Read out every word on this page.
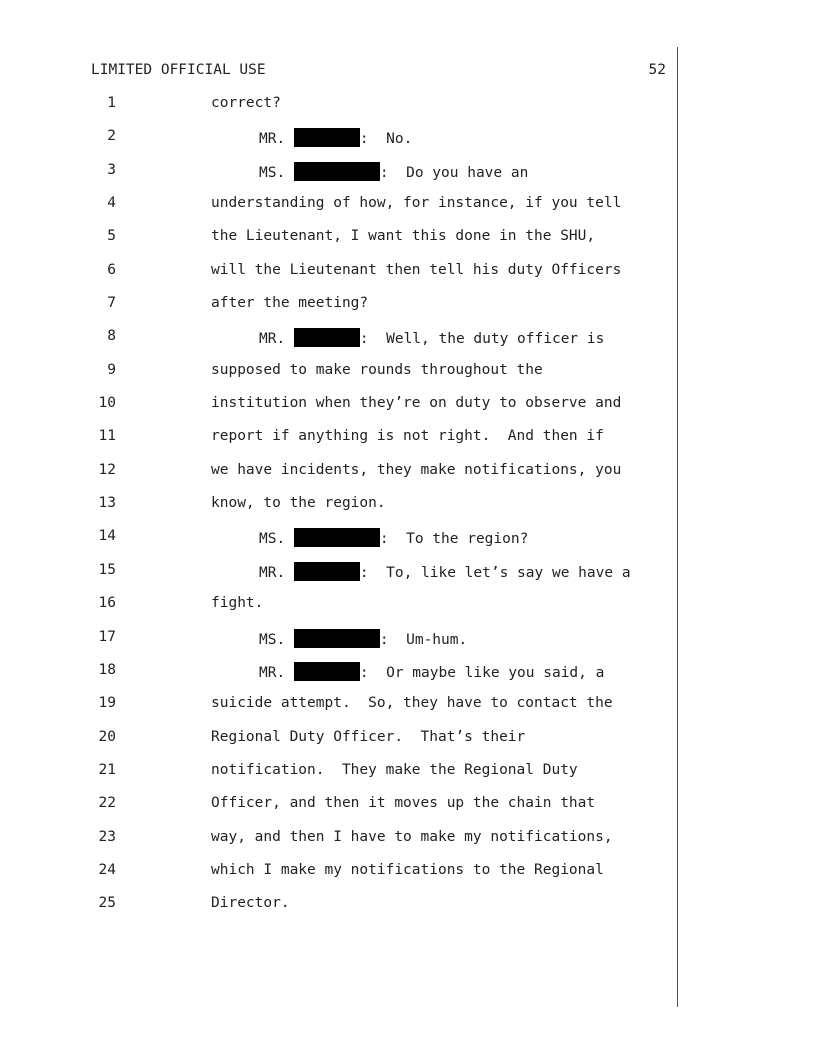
LIMITED OFFICIAL USE	52
1	correct?
2	MR.	:  No.
3	MS.	:  Do you have an
4	understanding of how, for instance, if you tell
5	the Lieutenant, I want this done in the SHU,
6	will the Lieutenant then tell his duty Officers
7	after the meeting?
8	MR.	:  Well, the duty officer is
9	supposed to make rounds throughout the
10	institution when they’re on duty to observe and
11	report if anything is not right.  And then if
12	we have incidents, they make notifications, you
13	know, to the region.
14	MS.	:  To the region?
15	MR.	:  To, like let’s say we have a
16	fight.
17	MS.	:  Um-hum.
18	MR.	:  Or maybe like you said, a
19	suicide attempt.  So, they have to contact the
20	Regional Duty Officer.  That’s their
21	notification.  They make the Regional Duty
22	Officer, and then it moves up the chain that
23	way, and then I have to make my notifications,
24	which I make my notifications to the Regional
25	Director.
